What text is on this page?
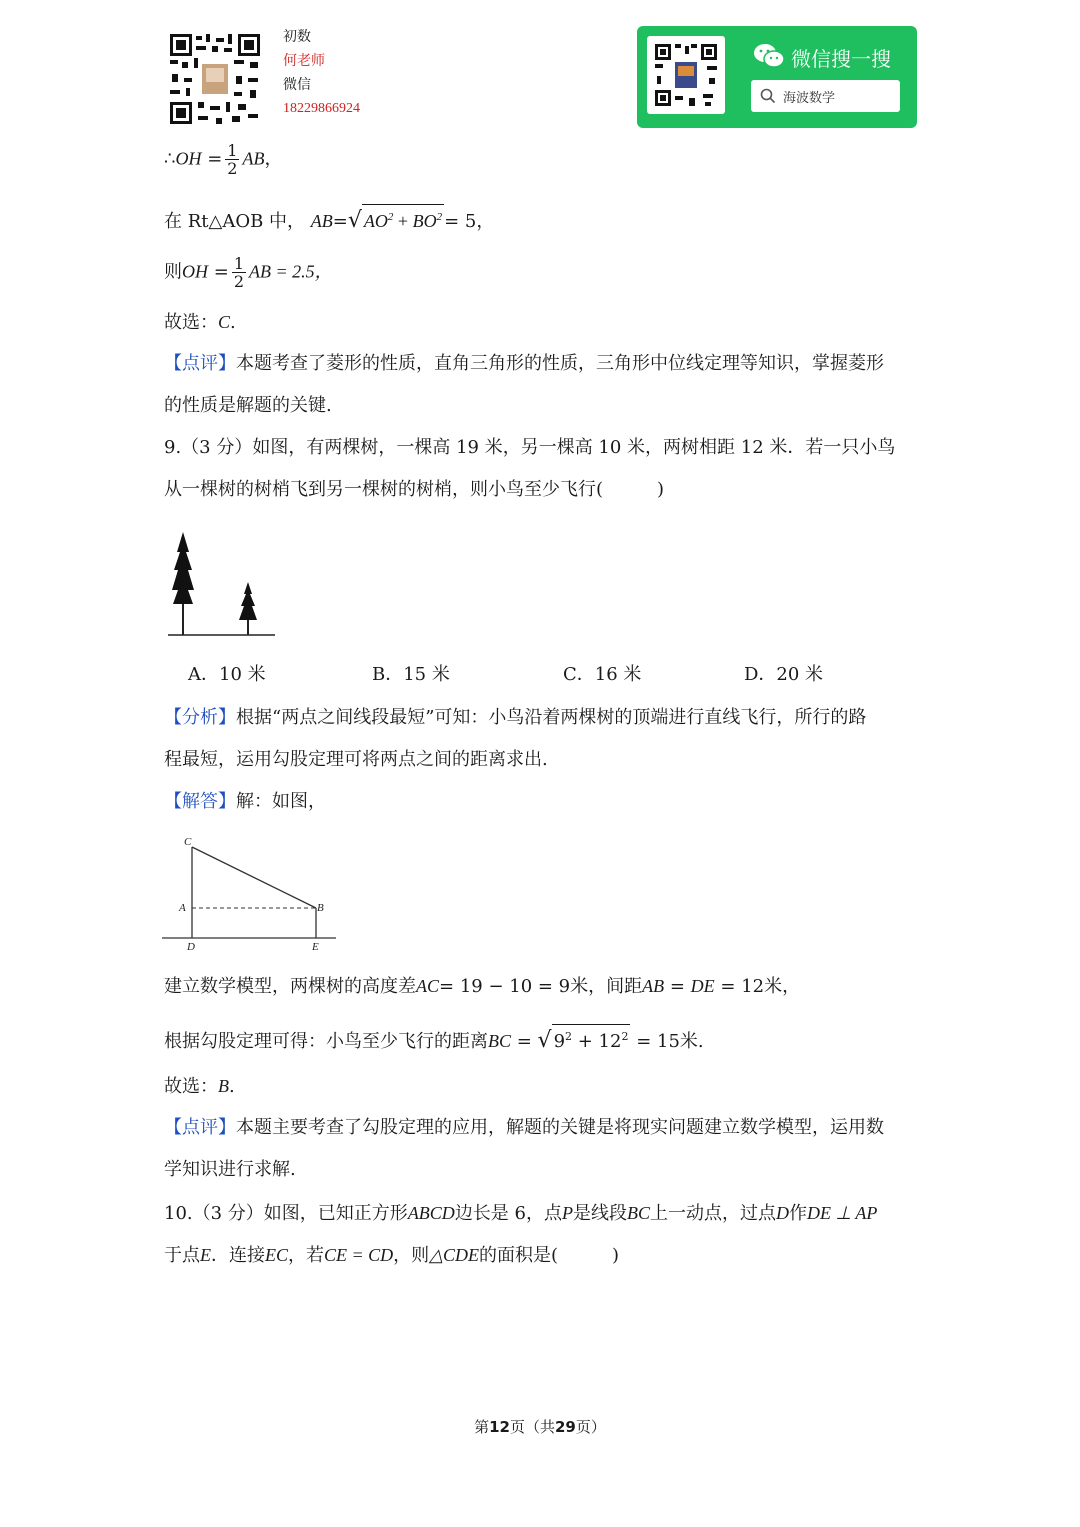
初数
何老师
微信
18229866924
微信搜一搜
海波数学
∴OH = $\frac{1}{2}$ AB，
在 Rt△AOB 中， AB=√ $AO^2 + BO^2 = 5$，
则OH = $\frac{1}{2}$ AB = 2.5，
故选：C.
【点评】本题考查了菱形的性质，直角三角形的性质，三角形中位线定理等知识，掌握菱形
的性质是解题的关键.
9.（3 分）如图，有两棵树，一棵高 19 米，另一棵高 10 米，两树相距 12 米．若一只小鸟
从一棵树的树梢飞到另一棵树的树梢，则小鸟至少飞行(　　　)
A．10 米	B．15 米	C．16 米	D．20 米
【分析】根据“两点之间线段最短”可知：小鸟沿着两棵树的顶端进行直线飞行，所行的路
程最短，运用勾股定理可将两点之间的距离求出.
【解答】解：如图，
C
A	B
D	E
建立数学模型，两棵树的高度差AC= 19 − 10 = 9米，间距AB = DE = 12米，
根据勾股定理可得：小鸟至少飞行的距离BC = √ $9^2 + 12^2 = 15$米.
故选：B.
【点评】本题主要考查了勾股定理的应用，解题的关键是将现实问题建立数学模型，运用数
学知识进行求解.
10.（3 分）如图，已知正方形ABCD边长是 6，点P是线段BC上一动点，过点D作DE ⊥ AP
于点E．连接EC，若CE = CD，则△CDE的面积是(　　　)
第12页（共29页）
